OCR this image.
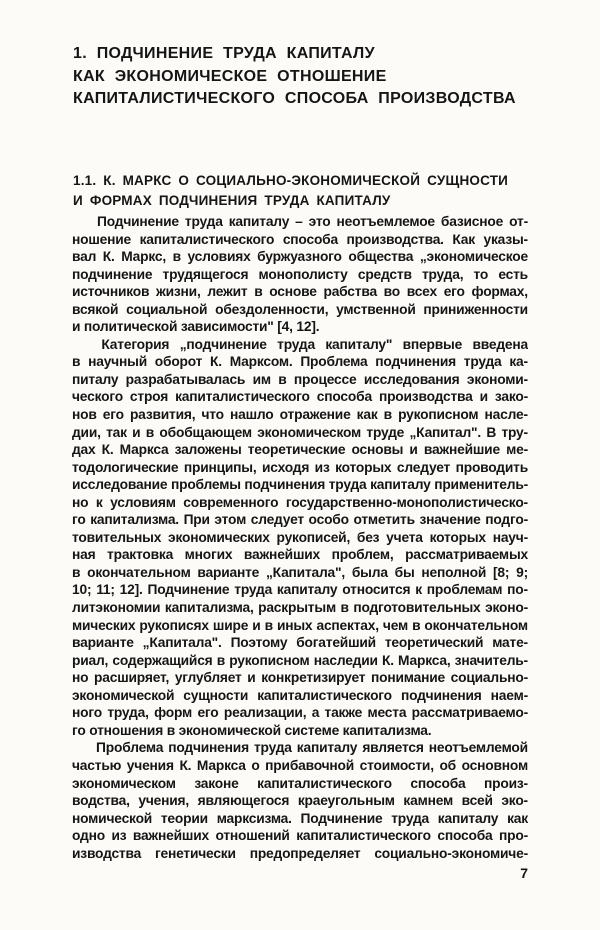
1. ПОДЧИНЕНИЕ ТРУДА КАПИТАЛУ
КАК ЭКОНОМИЧЕСКОЕ ОТНОШЕНИЕ
КАПИТАЛИСТИЧЕСКОГО СПОСОБА ПРОИЗВОДСТВА
1.1. К. МАРКС О СОЦИАЛЬНО-ЭКОНОМИЧЕСКОЙ СУЩНОСТИ
И ФОРМАХ ПОДЧИНЕНИЯ ТРУДА КАПИТАЛУ
Подчинение труда капиталу – это неотъемлемое базисное от-
ношение капиталистического способа производства. Как указы-
вал К. Маркс, в условиях буржуазного общества „экономическое
подчинение трудящегося монополисту средств труда, то есть
источников жизни, лежит в основе рабства во всех его формах,
всякой социальной обездоленности, умственной приниженности
и политической зависимости" [4, 12].
Категория „подчинение труда капиталу" впервые введена
в научный оборот К. Марксом. Проблема подчинения труда ка-
питалу разрабатывалась им в процессе исследования экономи-
ческого строя капиталистического способа производства и зако-
нов его развития, что нашло отражение как в рукописном насле-
дии, так и в обобщающем экономическом труде „Капитал". В тру-
дах К. Маркса заложены теоретические основы и важнейшие ме-
тодологические принципы, исходя из которых следует проводить
исследование проблемы подчинения труда капиталу применитель-
но к условиям современного государственно-монополистическо-
го капитализма. При этом следует особо отметить значение подго-
товительных экономических рукописей, без учета которых науч-
ная трактовка многих важнейших проблем, рассматриваемых
в окончательном варианте „Капитала", была бы неполной [8; 9;
10; 11; 12]. Подчинение труда капиталу относится к проблемам по-
литэкономии капитализма, раскрытым в подготовительных эконо-
мических рукописях шире и в иных аспектах, чем в окончательном
варианте „Капитала". Поэтому богатейший теоретический мате-
риал, содержащийся в рукописном наследии К. Маркса, значитель-
но расширяет, углубляет и конкретизирует понимание социально-
экономической сущности капиталистического подчинения наем-
ного труда, форм его реализации, а также места рассматриваемо-
го отношения в экономической системе капитализма.
Проблема подчинения труда капиталу является неотъемлемой
частью учения К. Маркса о прибавочной стоимости, об основном
экономическом законе капиталистического способа произ-
водства, учения, являющегося краеугольным камнем всей эко-
номической теории марксизма. Подчинение труда капиталу как
одно из важнейших отношений капиталистического способа про-
изводства генетически предопределяет социально-экономиче-
7
